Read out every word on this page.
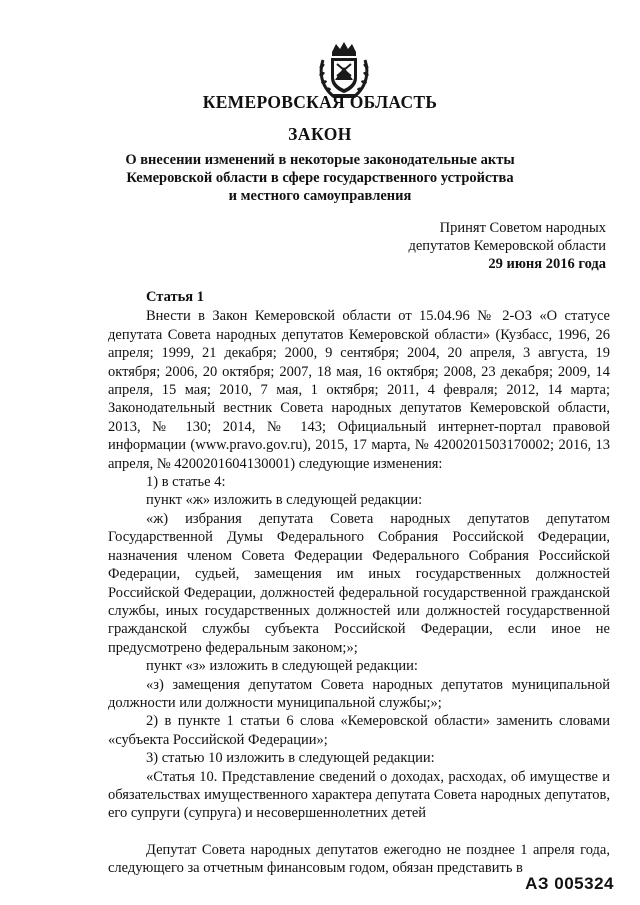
КЕМЕРОВСКАЯ ОБЛАСТЬ
ЗАКОН
О внесении изменений в некоторые законодательные акты
Кемеровской области в сфере государственного устройства
и местного самоуправления
Принят Советом народных
депутатов Кемеровской области
29 июня 2016 года
Статья 1

Внести в Закон Кемеровской области от 15.04.96 № 2-ОЗ «О статусе депутата Совета народных депутатов Кемеровской области» (Кузбасс, 1996, 26 апреля; 1999, 21 декабря; 2000, 9 сентября; 2004, 20 апреля, 3 августа, 19 октября; 2006, 20 октября; 2007, 18 мая, 16 октября; 2008, 23 декабря; 2009, 14 апреля, 15 мая; 2010, 7 мая, 1 октября; 2011, 4 февраля; 2012, 14 марта; Законодательный вестник Совета народных депутатов Кемеровской области, 2013, № 130; 2014, № 143; Официальный интернет-портал правовой информации (www.pravo.gov.ru), 2015, 17 марта, № 4200201503170002; 2016, 13 апреля, № 4200201604130001) следующие изменения:

1) в статье 4:

пункт «ж» изложить в следующей редакции:

«ж) избрания депутата Совета народных депутатов депутатом Государственной Думы Федерального Собрания Российской Федерации, назначения членом Совета Федерации Федерального Собрания Российской Федерации, судьей, замещения им иных государственных должностей Российской Федерации, должностей федеральной государственной гражданской службы, иных государственных должностей или должностей государственной гражданской службы субъекта Российской Федерации, если иное не предусмотрено федеральным законом;»;

пункт «з» изложить в следующей редакции:

«з) замещения депутатом Совета народных депутатов муниципальной должности или должности муниципальной службы;»;

2) в пункте 1 статьи 6 слова «Кемеровской области» заменить словами «субъекта Российской Федерации»;

3) статью 10 изложить в следующей редакции:

«Статья 10. Представление сведений о доходах, расходах, об имуществе и обязательствах имущественного характера депутата Совета народных депутатов, его супруги (супруга) и несовершеннолетних детей

Депутат Совета народных депутатов ежегодно не позднее 1 апреля года, следующего за отчетным финансовым годом, обязан представить в

АЗ 005324
